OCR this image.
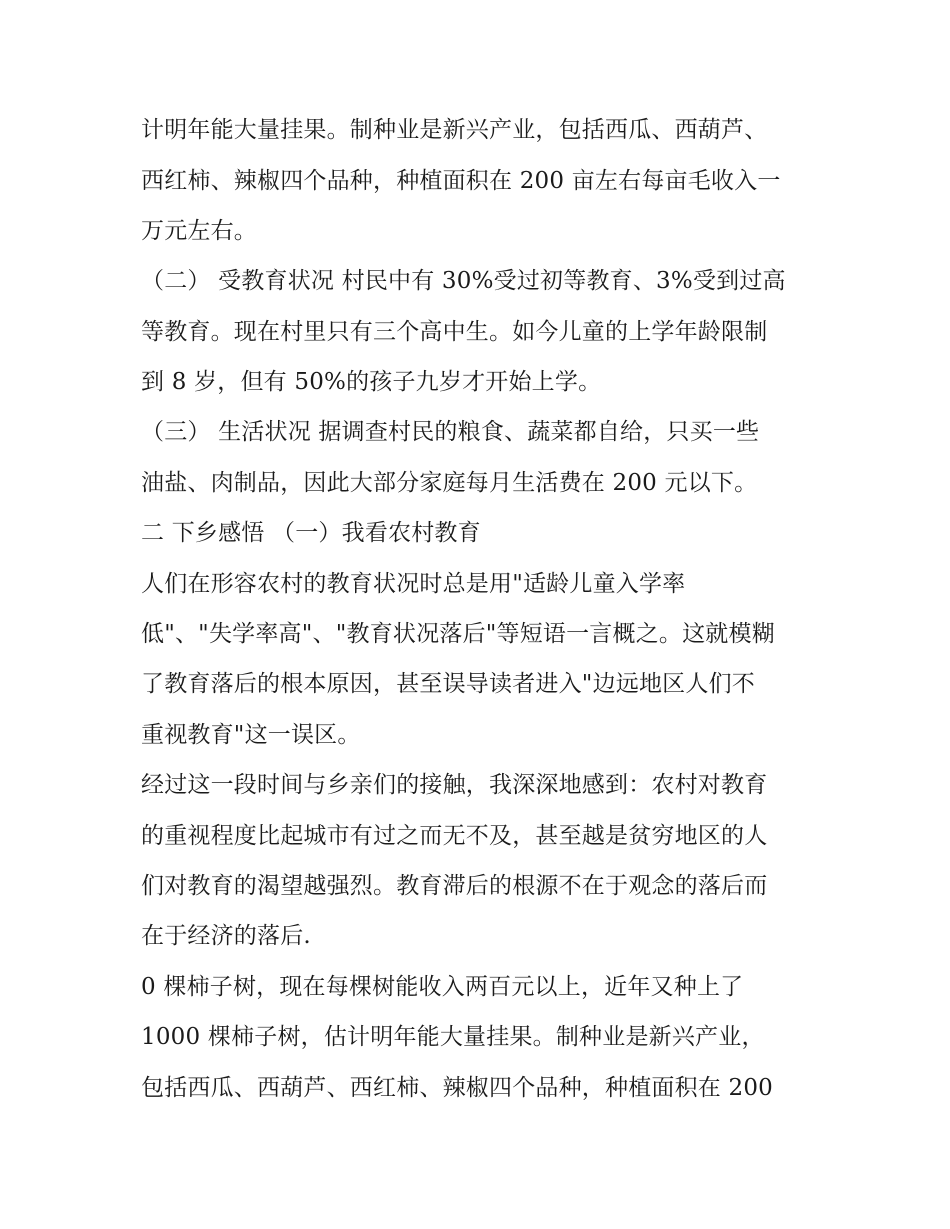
计明年能大量挂果。制种业是新兴产业，包括西瓜、西葫芦、
西红柿、辣椒四个品种，种植面积在 200 亩左右每亩毛收入一
万元左右。
（二） 受教育状况 村民中有 30%受过初等教育、3%受到过高
等教育。现在村里只有三个高中生。如今儿童的上学年龄限制
到 8 岁，但有 50%的孩子九岁才开始上学。
（三） 生活状况 据调查村民的粮食、蔬菜都自给，只买一些
油盐、肉制品，因此大部分家庭每月生活费在 200 元以下。
二 下乡感悟 （一）我看农村教育
人们在形容农村的教育状况时总是用"适龄儿童入学率
低"、"失学率高"、"教育状况落后"等短语一言概之。这就模糊
了教育落后的根本原因，甚至误导读者进入"边远地区人们不
重视教育"这一误区。
经过这一段时间与乡亲们的接触，我深深地感到：农村对教育
的重视程度比起城市有过之而无不及，甚至越是贫穷地区的人
们对教育的渴望越强烈。教育滞后的根源不在于观念的落后而
在于经济的落后.
0 棵柿子树，现在每棵树能收入两百元以上，近年又种上了
1000 棵柿子树，估计明年能大量挂果。制种业是新兴产业，
包括西瓜、西葫芦、西红柿、辣椒四个品种，种植面积在 200
